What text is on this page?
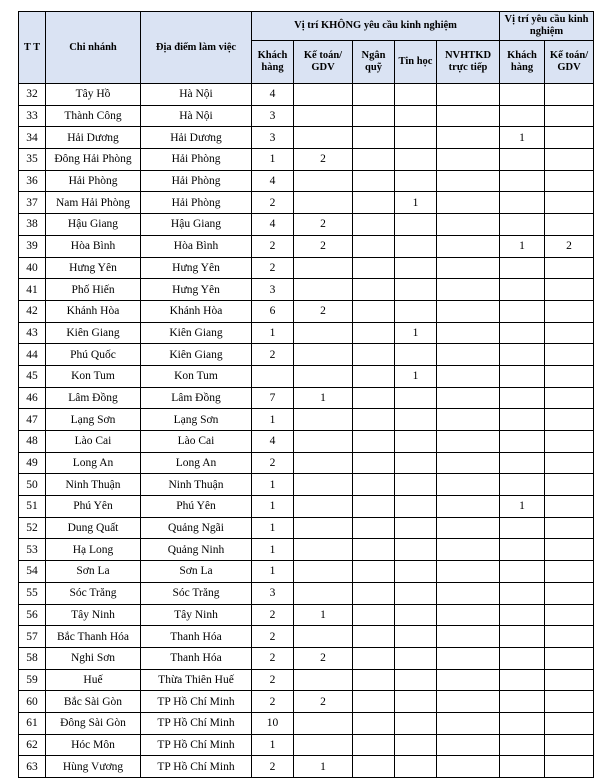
T T	Chi nhánh	Địa điểm làm việc	Vị trí KHÔNG yêu cầu kinh nghiệm					Vị trí yêu cầu kinh nghiệm	
			Khách hàng	Kế toán/ GDV	Ngân quỹ	Tin học	NVHTKD trực tiếp	Khách hàng	Kế toán/ GDV
32	Tây Hồ	Hà Nội	4						
33	Thành Công	Hà Nội	3						
34	Hải Dương	Hải Dương	3					1	
35	Đông Hải Phòng	Hải Phòng	1	2					
36	Hải Phòng	Hải Phòng	4						
37	Nam Hải Phòng	Hải Phòng	2			1			
38	Hậu Giang	Hậu Giang	4	2					
39	Hòa Bình	Hòa Bình	2	2				1	2
40	Hưng Yên	Hưng Yên	2						
41	Phố Hiến	Hưng Yên	3						
42	Khánh Hòa	Khánh Hòa	6	2					
43	Kiên Giang	Kiên Giang	1			1			
44	Phú Quốc	Kiên Giang	2						
45	Kon Tum	Kon Tum				1			
46	Lâm Đồng	Lâm Đồng	7	1					
47	Lạng Sơn	Lạng Sơn	1						
48	Lào Cai	Lào Cai	4						
49	Long An	Long An	2						
50	Ninh Thuận	Ninh Thuận	1						
51	Phú Yên	Phú Yên	1					1	
52	Dung Quất	Quảng Ngãi	1						
53	Hạ Long	Quảng Ninh	1						
54	Sơn La	Sơn La	1						
55	Sóc Trăng	Sóc Trăng	3						
56	Tây Ninh	Tây Ninh	2	1					
57	Bắc Thanh Hóa	Thanh Hóa	2						
58	Nghi Sơn	Thanh Hóa	2	2					
59	Huế	Thừa Thiên Huế	2						
60	Bắc Sài Gòn	TP Hồ Chí Minh	2	2					
61	Đông Sài Gòn	TP Hồ Chí Minh	10						
62	Hóc Môn	TP Hồ Chí Minh	1						
63	Hùng Vương	TP Hồ Chí Minh	2	1					
